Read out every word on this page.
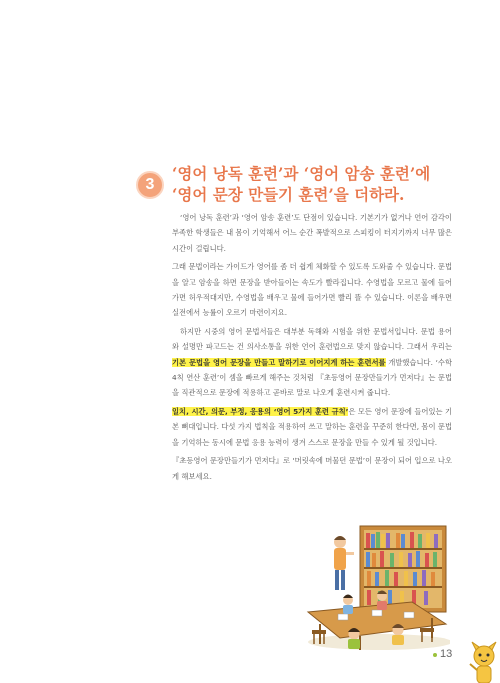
3
‘영어 낭독 훈련’과 ‘영어 암송 훈련’에
‘영어 문장 만들기 훈련’을 더하라.

‘영어 낭독 훈련’과 ‘영어 암송 훈련’도 단점이 있습니다. 기본기가 없거나 언어 감각이 부족한 학생들은 내 몸이 기억해서 어느 순간 폭발적으로 스피킹이 터지기까지 너무 많은 시간이 걸립니다.

그래 문법이라는 가이드가 영어를 좀 더 쉽게 체화할 수 있도록 도와줄 수 있습니다. 문법을 알고 암송을 하면 문장을 받아들이는 속도가 빨라집니다. 수영법을 모르고 물에 들어가면 허우적대지만, 수영법을 배우고 물에 들어가면 빨리 뜰 수 있습니다. 이론을 배우면 실전에서 능률이 오르기 마련이지요.

하지만 시중의 영어 문법서들은 대부분 독해와 시험을 위한 문법서입니다. 문법 용어와 설명만 파고드는 건 의사소통을 위한 언어 훈련법으로 맞지 않습니다. 그래서 우리는 기본 문법을 영어 문장을 만들고 말하기로 이어지게 하는 훈련서를 개발했습니다. ‘수학 4칙 연산 훈련’이 셈을 빠르게 해주는 것처럼 『초등영어 문장만들기가 먼저다』는 문법을 직관적으로 문장에 적용하고 곧바로 말로 나오게 훈련시켜 줍니다.

일치, 시간, 의문, 부정, 응용의 ‘영어 5가지 훈련 규칙’은 모든 영어 문장에 들어있는 기본 뼈대입니다. 다섯 가지 법칙을 적용하여 쓰고 말하는 훈련을 꾸준히 한다면, 몸이 문법을 기억하는 동시에 문법 응용 능력이 생겨 스스로 문장을 만들 수 있게 될 것입니다.

『초등영어 문장만들기가 먼저다』로 ‘머릿속에 머물던 문법’이 문장이 되어 입으로 나오게 해보세요.

13
